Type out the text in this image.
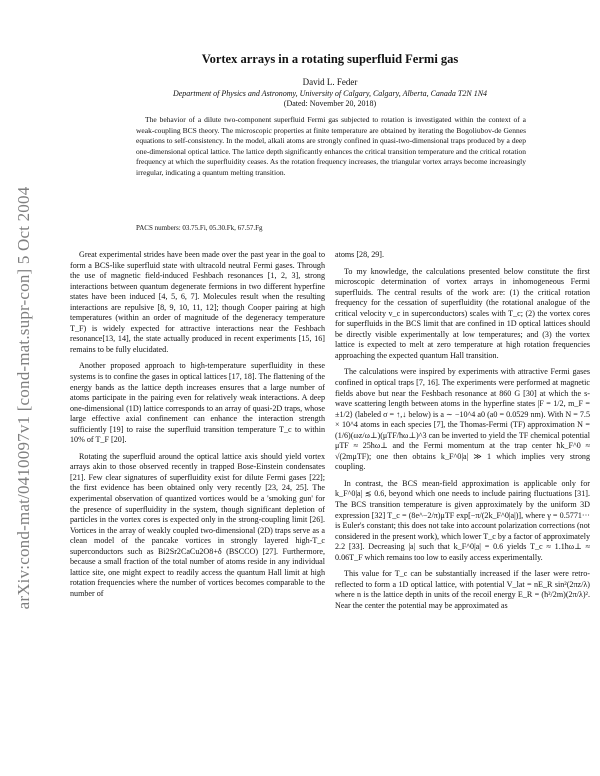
arXiv:cond-mat/0410097v1 [cond-mat.supr-con] 5 Oct 2004
Vortex arrays in a rotating superfluid Fermi gas
David L. Feder
Department of Physics and Astronomy, University of Calgary, Calgary, Alberta, Canada T2N 1N4
(Dated: November 20, 2018)

The behavior of a dilute two-component superfluid Fermi gas subjected to rotation is investigated within the context of a weak-coupling BCS theory. The microscopic properties at finite temperature are obtained by iterating the Bogoliubov-de Gennes equations to self-consistency. In the model, alkali atoms are strongly confined in quasi-two-dimensional traps produced by a deep one-dimensional optical lattice. The lattice depth significantly enhances the critical transition temperature and the critical rotation frequency at which the superfluidity ceases. As the rotation frequency increases, the triangular vortex arrays become increasingly irregular, indicating a quantum melting transition.

PACS numbers: 03.75.Fi, 05.30.Fk, 67.57.Fg

Great experimental strides have been made over the past year in the goal to form a BCS-like superfluid state with ultracold neutral Fermi gases. Through the use of magnetic field-induced Feshbach resonances [1, 2, 3], strong interactions between quantum degenerate fermions in two different hyperfine states have been induced [4, 5, 6, 7]. Molecules result when the resulting interactions are repulsive [8, 9, 10, 11, 12]; though Cooper pairing at high temperatures (within an order of magnitude of the degeneracy temperature T_F) is widely expected for attractive interactions near the Feshbach resonance[13, 14], the state actually produced in recent experiments [15, 16] remains to be fully elucidated.

Another proposed approach to high-temperature superfluidity in these systems is to confine the gases in optical lattices [17, 18]. The flattening of the energy bands as the lattice depth increases ensures that a large number of atoms participate in the pairing even for relatively weak interactions. A deep one-dimensional (1D) lattice corresponds to an array of quasi-2D traps, whose large effective axial confinement can enhance the interaction strength sufficiently [19] to raise the superfluid transition temperature T_c to within 10% of T_F [20].

Rotating the superfluid around the optical lattice axis should yield vortex arrays akin to those observed recently in trapped Bose-Einstein condensates [21]. Few clear signatures of superfluidity exist for dilute Fermi gases [22]; the first evidence has been obtained only very recently [23, 24, 25]. The experimental observation of quantized vortices would be a 'smoking gun' for the presence of superfluidity in the system, though significant depletion of particles in the vortex cores is expected only in the strong-coupling limit [26]. Vortices in the array of weakly coupled two-dimensional (2D) traps serve as a clean model of the pancake vortices in strongly layered high-T_c superconductors such as Bi2Sr2CaCu2O8+δ (BSCCO) [27]. Furthermore, because a small fraction of the total number of atoms reside in any individual lattice site, one might expect to readily access the quantum Hall limit at high rotation frequencies where the number of vortices becomes comparable to the number of

atoms [28, 29].

To my knowledge, the calculations presented below constitute the first microscopic determination of vortex arrays in inhomogeneous Fermi superfluids. The central results of the work are: (1) the critical rotation frequency for the cessation of superfluidity (the rotational analogue of the critical velocity v_c in superconductors) scales with T_c; (2) the vortex cores for superfluids in the BCS limit that are confined in 1D optical lattices should be directly visible experimentally at low temperatures; and (3) the vortex lattice is expected to melt at zero temperature at high rotation frequencies approaching the expected quantum Hall transition.

The calculations were inspired by experiments with attractive Fermi gases confined in optical traps [7, 16]. The experiments were performed at magnetic fields above but near the Feshbach resonance at 860 G [30] at which the s-wave scattering length between atoms in the hyperfine states |F = 1/2, m_F = ±1/2⟩ (labeled σ = ↑,↓ below) is a ∼ −10^4 a0 (a0 = 0.0529 nm). With N = 7.5 × 10^4 atoms in each species [7], the Thomas-Fermi (TF) approximation N = (1/6)(ωz/ω⊥)(μTF/ħω⊥)^3 can be inverted to yield the TF chemical potential μTF ≈ 25ħω⊥ and the Fermi momentum at the trap center ħk_F^0 ≈ √(2mμTF); one then obtains k_F^0|a| ≫ 1 which implies very strong coupling.

In contrast, the BCS mean-field approximation is applicable only for k_F^0|a| ≲ 0.6, beyond which one needs to include pairing fluctuations [31]. The BCS transition temperature is given approximately by the uniform 3D expression [32] T_c = (8e^−2/π)μTF exp[−π/(2k_F^0|a|)], where γ = 0.5771··· is Euler's constant; this does not take into account polarization corrections (not considered in the present work), which lower T_c by a factor of approximately 2.2 [33]. Decreasing |a| such that k_F^0|a| = 0.6 yields T_c ≈ 1.1ħω⊥ ≈ 0.06T_F which remains too low to easily access experimentally.

This value for T_c can be substantially increased if the laser were retro-reflected to form a 1D optical lattice, with potential V_lat = nE_R sin²(2πz/λ) where n is the lattice depth in units of the recoil energy E_R = (ħ²/2m)(2π/λ)². Near the center the potential may be approximated as
